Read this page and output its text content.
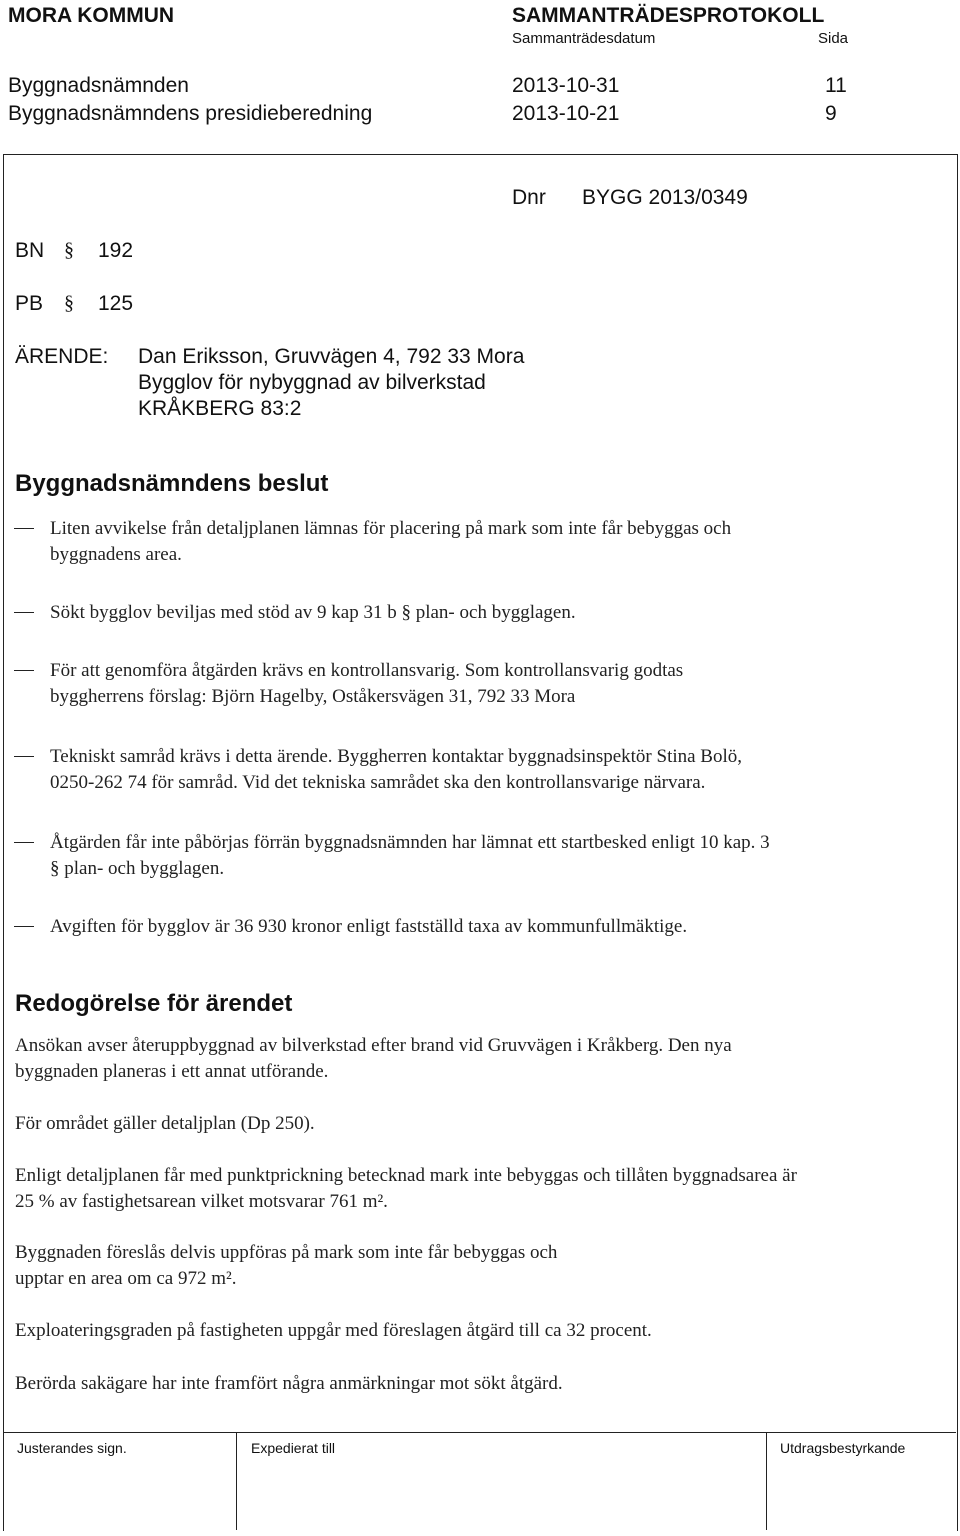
MORA KOMMUN	SAMMANTRÄDESPROTOKOLL
Sammanträdesdatum	Sida
Byggnadsnämnden	2013-10-31	11
Byggnadsnämndens presidieberedning	2013-10-21	9
Dnr BYGG 2013/0349
BN § 192
PB § 125
ÄRENDE: Dan Eriksson, Gruvvägen 4, 792 33 Mora
Bygglov för nybyggnad av bilverkstad
KRÅKBERG 83:2
Byggnadsnämndens beslut
Liten avvikelse från detaljplanen lämnas för placering på mark som inte får bebyggas och
byggnadens area.
Sökt bygglov beviljas med stöd av 9 kap 31 b § plan- och bygglagen.
För att genomföra åtgärden krävs en kontrollansvarig. Som kontrollansvarig godtas
byggherrens förslag: Björn Hagelby, Oståkersvägen 31, 792 33 Mora
Tekniskt samråd krävs i detta ärende. Byggherren kontaktar byggnadsinspektör Stina Bolö,
0250-262 74 för samråd. Vid det tekniska samrådet ska den kontrollansvarige närvara.
Åtgärden får inte påbörjas förrän byggnadsnämnden har lämnat ett startbesked enligt 10 kap. 3
§ plan- och bygglagen.
Avgiften för bygglov är 36 930 kronor enligt fastställd taxa av kommunfullmäktige.
Redogörelse för ärendet
Ansökan avser återuppbyggnad av bilverkstad efter brand vid Gruvvägen i Kråkberg. Den nya
byggnaden planeras i ett annat utförande.
För området gäller detaljplan (Dp 250).
Enligt detaljplanen får med punktprickning betecknad mark inte bebyggas och tillåten byggnadsarea är
25 % av fastighetsarean vilket motsvarar 761 m².
Byggnaden föreslås delvis uppföras på mark som inte får bebyggas och
upptar en area om ca 972 m².
Exploateringsgraden på fastigheten uppgår med föreslagen åtgärd till ca 32 procent.
Berörda sakägare har inte framfört några anmärkningar mot sökt åtgärd.
Justerandes sign.	Expedierat till	Utdragsbestyrkande
